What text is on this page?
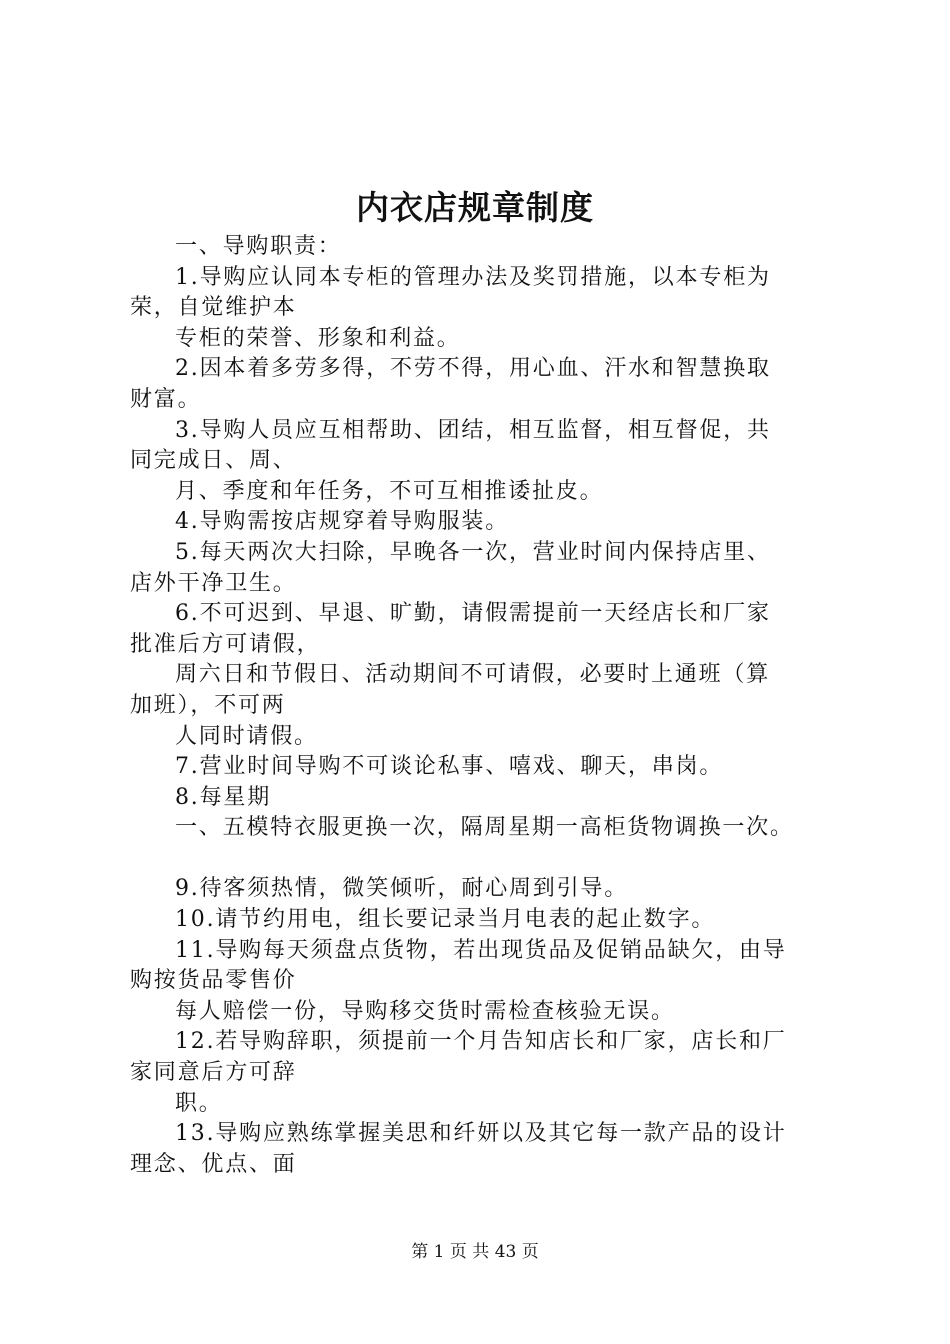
内衣店规章制度
一、导购职责：
1.导购应认同本专柜的管理办法及奖罚措施，以本专柜为
荣，自觉维护本
专柜的荣誉、形象和利益。
2.因本着多劳多得，不劳不得，用心血、汗水和智慧换取
财富。
3.导购人员应互相帮助、团结，相互监督，相互督促，共
同完成日、周、
月、季度和年任务，不可互相推诿扯皮。
4.导购需按店规穿着导购服装。
5.每天两次大扫除，早晚各一次，营业时间内保持店里、
店外干净卫生。
6.不可迟到、早退、旷勤，请假需提前一天经店长和厂家
批准后方可请假，
周六日和节假日、活动期间不可请假，必要时上通班（算
加班），不可两
人同时请假。
7.营业时间导购不可谈论私事、嘻戏、聊天，串岗。
8.每星期
一、五模特衣服更换一次，隔周星期一高柜货物调换一次。
9.待客须热情，微笑倾听，耐心周到引导。
10.请节约用电，组长要记录当月电表的起止数字。
11.导购每天须盘点货物，若出现货品及促销品缺欠，由导
购按货品零售价
每人赔偿一份，导购移交货时需检查核验无误。
12.若导购辞职，须提前一个月告知店长和厂家，店长和厂
家同意后方可辞
职。
13.导购应熟练掌握美思和纤妍以及其它每一款产品的设计
理念、优点、面
第 1 页 共 43 页
